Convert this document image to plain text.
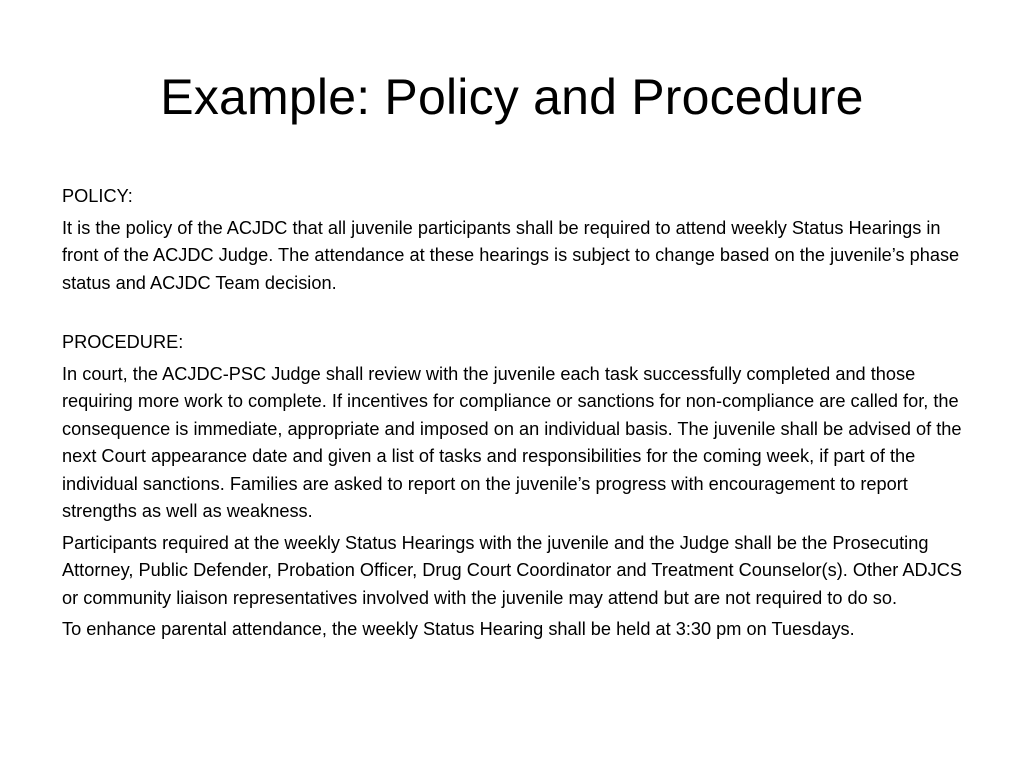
Example: Policy and Procedure

POLICY:

It is the policy of the ACJDC that all juvenile participants shall be required to attend weekly Status Hearings in front of the ACJDC Judge. The attendance at these hearings is subject to change based on the juvenile’s phase status and ACJDC Team decision.

PROCEDURE:

In court, the ACJDC-PSC Judge shall review with the juvenile each task successfully completed and those requiring more work to complete. If incentives for compliance or sanctions for non-compliance are called for, the consequence is immediate, appropriate and imposed on an individual basis. The juvenile shall be advised of the next Court appearance date and given a list of tasks and responsibilities for the coming week, if part of the individual sanctions. Families are asked to report on the juvenile’s progress with encouragement to report strengths as well as weakness.

Participants required at the weekly Status Hearings with the juvenile and the Judge shall be the Prosecuting Attorney, Public Defender, Probation Officer, Drug Court Coordinator and Treatment Counselor(s). Other ADJCS or community liaison representatives involved with the juvenile may attend but are not required to do so.

To enhance parental attendance, the weekly Status Hearing shall be held at 3:30 pm on Tuesdays.
